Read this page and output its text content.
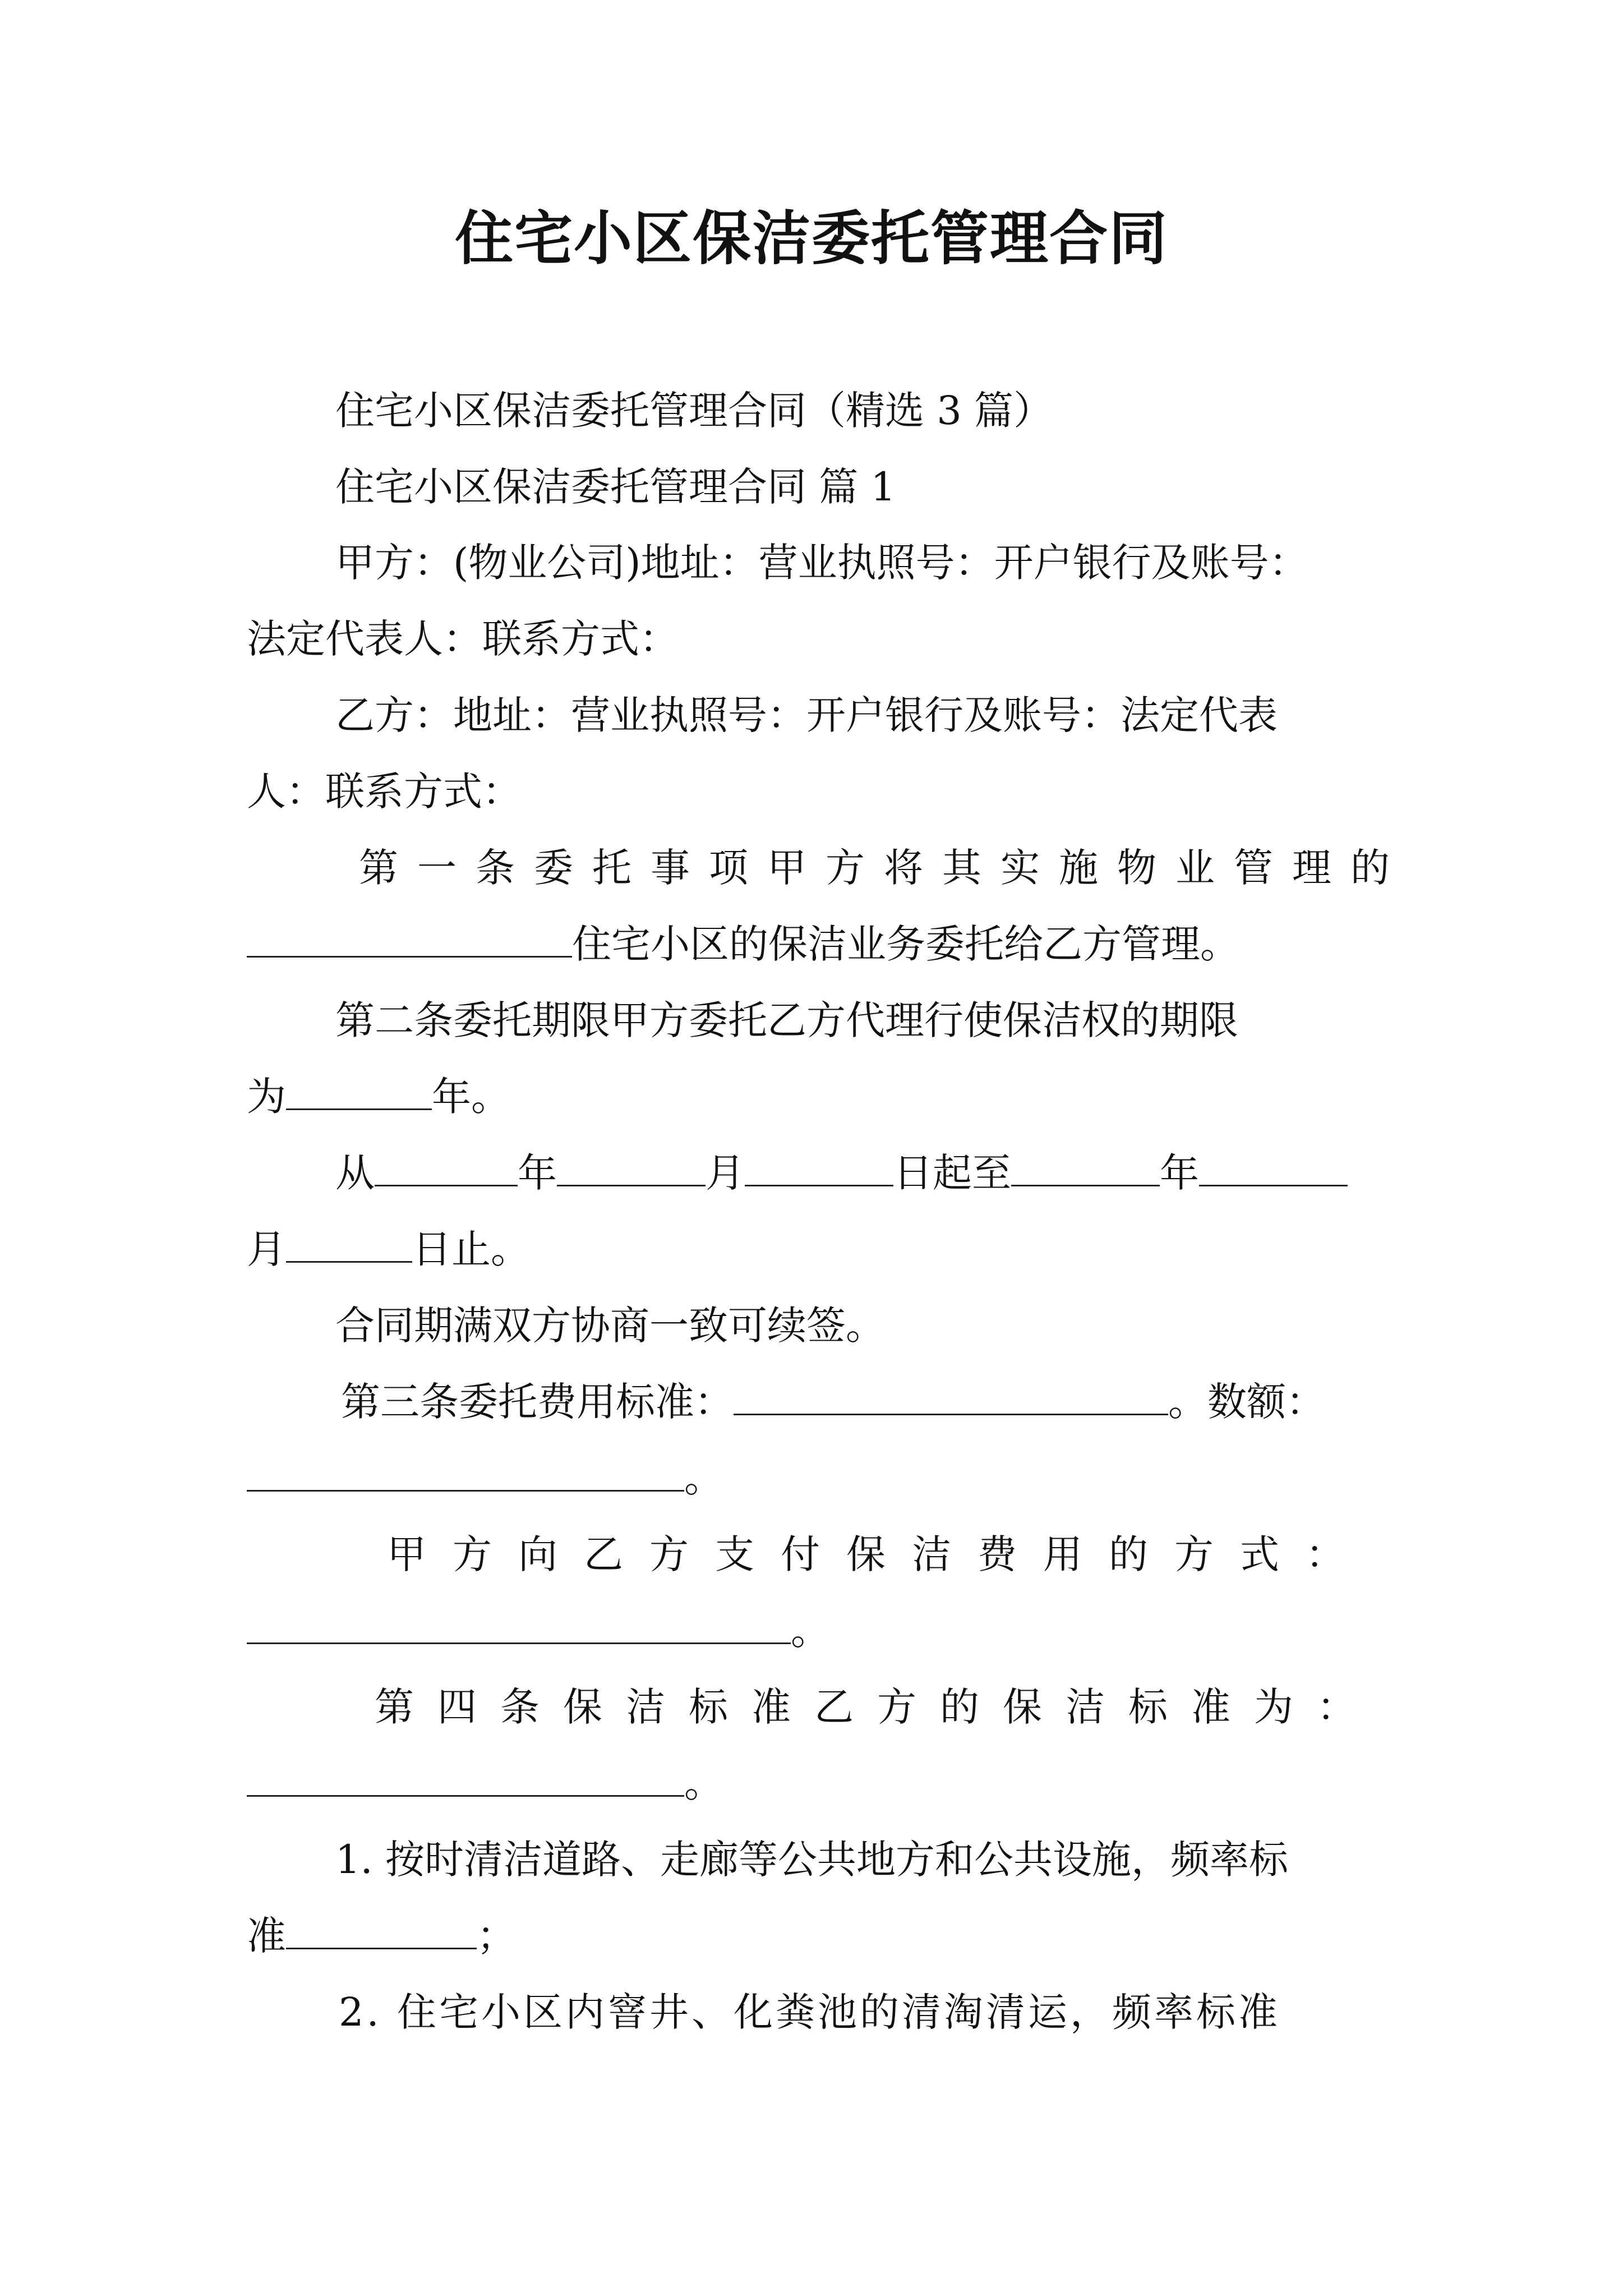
住宅小区保洁委托管理合同
住宅小区保洁委托管理合同（精选 3 篇）
住宅小区保洁委托管理合同 篇 1
甲方：(物业公司)地址：营业执照号：开户银行及账号：
法定代表人：联系方式：
乙方：地址：营业执照号：开户银行及账号：法定代表
人：联系方式：
第一条委托事项甲方将其实施物业管理的
住宅小区的保洁业务委托给乙方管理。
第二条委托期限甲方委托乙方代理行使保洁权的期限
为	年。
从	年	月	日起至	年
月	日止。
合同期满双方协商一致可续签。
第三条委托费用标准：	。数额：
。
甲方向乙方支付保洁费用的方式：
。
第四条保洁标准乙方的保洁标准为：
。
1. 按时清洁道路、走廊等公共地方和公共设施，频率标
准	；
2. 住宅小区内窨井、化粪池的清淘清运，频率标准
